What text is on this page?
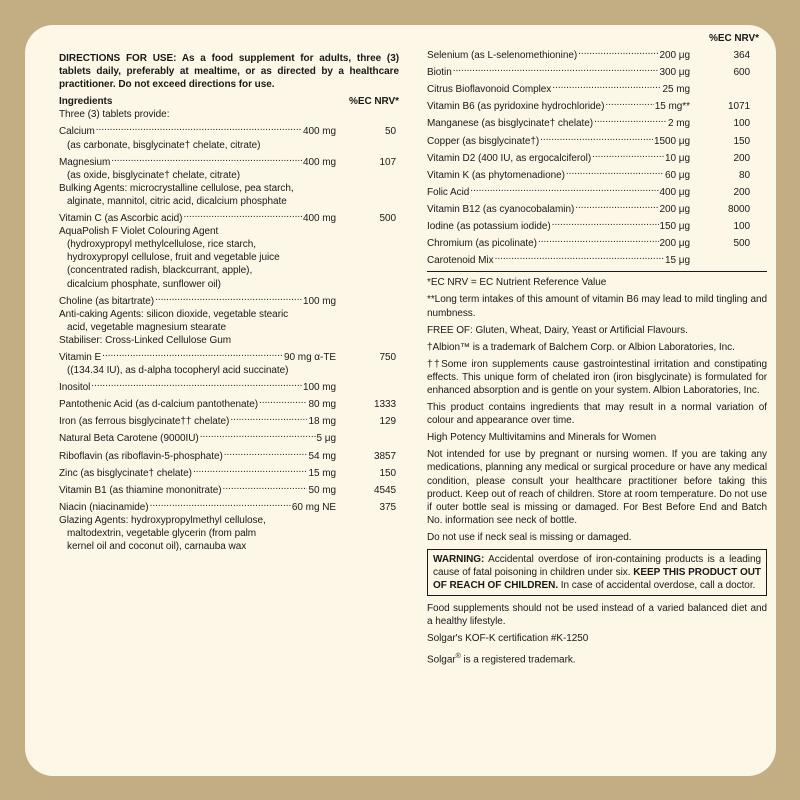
DIRECTIONS FOR USE: As a food supplement for adults, three (3) tablets daily, preferably at mealtime, or as directed by a healthcare practitioner. Do not exceed directions for use.

Ingredients	%EC NRV*
Three (3) tablets provide:
Calcium .....	400 mg	50
(as carbonate, bisglycinate† chelate, citrate)
Magnesium .....	400 mg	107
(as oxide, bisglycinate† chelate, citrate)
Bulking Agents: microcrystalline cellulose, pea starch,
alginate, mannitol, citric acid, dicalcium phosphate
Vitamin C (as Ascorbic acid) .....	400 mg	500
AquaPolish F Violet Colouring Agent
(hydroxypropyl methylcellulose, rice starch,
hydroxypropyl cellulose, fruit and vegetable juice
(concentrated radish, blackcurrant, apple),
dicalcium phosphate, sunflower oil)
Choline (as bitartrate) .....	100 mg
Anti-caking Agents: silicon dioxide, vegetable stearic
acid, vegetable magnesium stearate
Stabiliser: Cross-Linked Cellulose Gum
Vitamin E .....	90 mg α-TE	750
((134.34 IU), as d-alpha tocopheryl acid succinate)
Inositol .....	100 mg
Pantothenic Acid (as d-calcium pantothenate) .....	80 mg	1333
Iron (as ferrous bisglycinate†† chelate) .....	18 mg	129
Natural Beta Carotene (9000IU) .....	5 μg
Riboflavin (as riboflavin-5-phosphate) .....	54 mg	3857
Zinc (as bisglycinate† chelate) .....	15 mg	150
Vitamin B1 (as thiamine mononitrate) .....	50 mg	4545
Niacin (niacinamide) .....	60 mg NE	375
Glazing Agents: hydroxypropylmethyl cellulose,
maltodextrin, vegetable glycerin (from palm
kernel oil and coconut oil), carnauba wax
%EC NRV*
Selenium (as L-selenomethionine) .....	200 μg	364
Biotin .....	300 μg	600
Citrus Bioflavonoid Complex .....	25 mg
Vitamin B6 (as pyridoxine hydrochloride) .....	15 mg**	1071
Manganese (as bisglycinate† chelate) .....	2 mg	100
Copper (as bisglycinate†) .....	1500 μg	150
Vitamin D2 (400 IU, as ergocalciferol) .....	10 μg	200
Vitamin K (as phytomenadione) .....	60 μg	80
Folic Acid .....	400 μg	200
Vitamin B12 (as cyanocobalamin) .....	200 μg	8000
Iodine (as potassium iodide) .....	150 μg	100
Chromium (as picolinate) .....	200 μg	500
Carotenoid Mix .....	15 μg

*EC NRV = EC Nutrient Reference Value

**Long term intakes of this amount of vitamin B6 may lead to mild tingling and numbness.

FREE OF: Gluten, Wheat, Dairy, Yeast or Artificial Flavours.

†Albion™ is a trademark of Balchem Corp. or Albion Laboratories, Inc.

††Some iron supplements cause gastrointestinal irritation and constipating effects. This unique form of chelated iron (iron bisglycinate) is formulated for enhanced absorption and is gentle on your system. Albion Laboratories, Inc.

This product contains ingredients that may result in a normal variation of colour and appearance over time.

High Potency Multivitamins and Minerals for Women

Not intended for use by pregnant or nursing women. If you are taking any medications, planning any medical or surgical procedure or have any medical condition, please consult your healthcare practitioner before taking this product. Keep out of reach of children. Store at room temperature. Do not use if outer bottle seal is missing or damaged. For Best Before End and Batch No. information see neck of bottle.

Do not use if neck seal is missing or damaged.

WARNING: Accidental overdose of iron-containing products is a leading cause of fatal poisoning in children under six. KEEP THIS PRODUCT OUT OF REACH OF CHILDREN. In case of accidental overdose, call a doctor.

Food supplements should not be used instead of a varied balanced diet and a healthy lifestyle.

Solgar's KOF-K certification #K-1250

Solgar® is a registered trademark.
